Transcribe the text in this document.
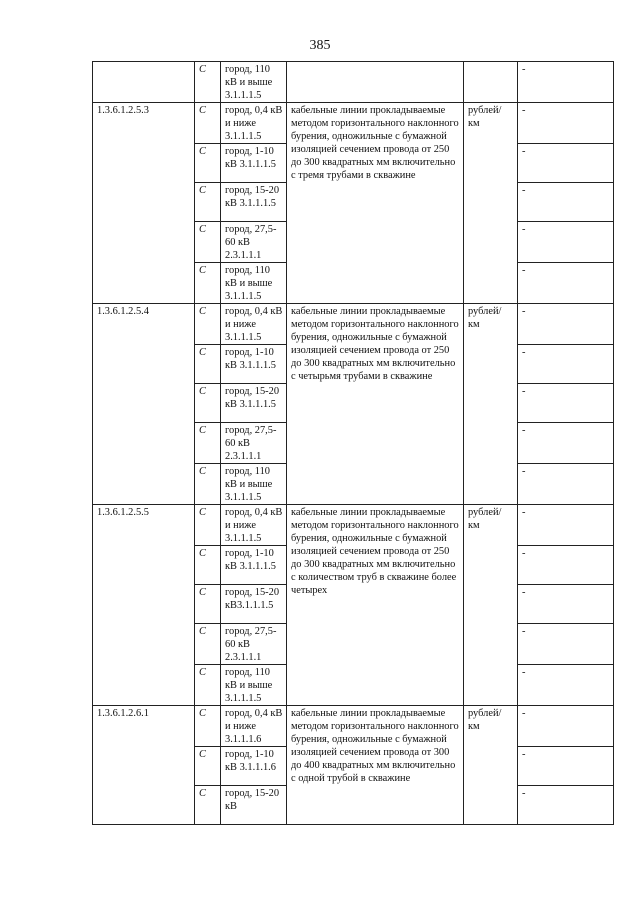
385
	С	город, 110 кВ и выше 3.1.1.1.5			-
1.3.6.1.2.5.3	С	город, 0,4 кВ и ниже 3.1.1.1.5	кабельные линии прокладываемые методом горизонтального наклонного бурения, одножильные с бумажной изоляцией сечением провода от 250 до 300 квадратных мм включительно с тремя трубами в скважине	рублей/ км	-
	С	город, 1-10 кВ 3.1.1.1.5			-
	С	город, 15-20 кВ 3.1.1.1.5			-
	С	город, 27,5-60 кВ 2.3.1.1.1			-
	С	город, 110 кВ и выше 3.1.1.1.5			-
1.3.6.1.2.5.4	С	город, 0,4 кВ и ниже 3.1.1.1.5	кабельные линии прокладываемые методом горизонтального наклонного бурения, одножильные с бумажной изоляцией сечением провода от 250 до 300 квадратных мм включительно с четырьмя трубами в скважине	рублей/ км	-
	С	город, 1-10 кВ 3.1.1.1.5			-
	С	город, 15-20 кВ 3.1.1.1.5			-
	С	город, 27,5-60 кВ 2.3.1.1.1			-
	С	город, 110 кВ и выше 3.1.1.1.5			-
1.3.6.1.2.5.5	С	город, 0,4 кВ и ниже 3.1.1.1.5	кабельные линии прокладываемые методом горизонтального наклонного бурения, одножильные с бумажной изоляцией сечением провода от 250 до 300 квадратных мм включительно с количеством труб в скважине более четырех	рублей/ км	-
	С	город, 1-10 кВ 3.1.1.1.5			-
	С	город, 15-20 кВ3.1.1.1.5			-
	С	город, 27,5-60 кВ 2.3.1.1.1			-
	С	город, 110 кВ и выше 3.1.1.1.5			-
1.3.6.1.2.6.1	С	город, 0,4 кВ и ниже 3.1.1.1.6	кабельные линии прокладываемые методом горизонтального наклонного бурения, одножильные с бумажной изоляцией сечением провода от 300 до 400 квадратных мм включительно с одной трубой в скважине	рублей/ км	-
	С	город, 1-10 кВ 3.1.1.1.6			-
	С	город, 15-20 кВ			-
